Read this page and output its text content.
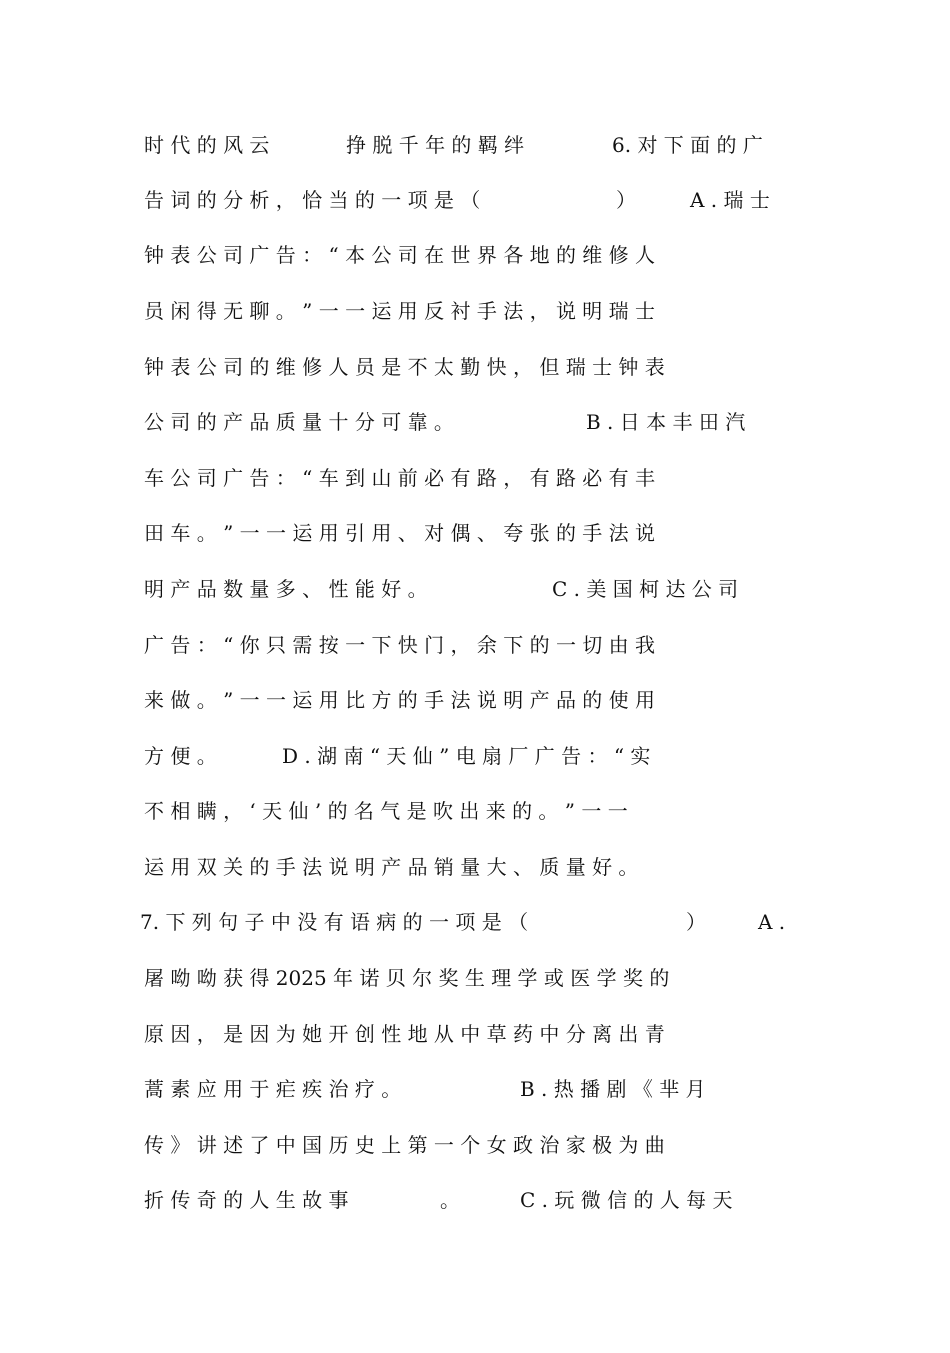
时 代 的 风 云

	挣 脱 千 年 的 羁 绊

	6. 对 下 面 的 广

告 词 的 分 析 ， 恰 当 的 一 项 是 （

	）

	A . 瑞 士

钟 表 公 司 广 告 ： “ 本 公 司 在 世 界 各 地 的 维 修 人

员 闲 得 无 聊 。 ” 一 一 运 用 反 衬 手 法 ， 说 明 瑞 士

钟 表 公 司 的 维 修 人 员 是 不 太 勤 快 ， 但 瑞 士 钟 表

公 司 的 产 品 质 量 十 分 可 靠 。

	B . 日 本 丰 田 汽

车 公 司 广 告 ： “ 车 到 山 前 必 有 路 ， 有 路 必 有 丰

田 车 。 ” 一 一 运 用 引 用 、 对 偶 、 夸 张 的 手 法 说

明 产 品 数 量 多 、 性 能 好 。

	C . 美 国 柯 达 公 司

广 告 ： “ 你 只 需 按 一 下 快 门 ， 余 下 的 一 切 由 我

来 做 。 ” 一 一 运 用 比 方 的 手 法 说 明 产 品 的 使 用

方 便 。

	D . 湖 南 “ 天 仙 ” 电 扇 厂 广 告 ： “ 实

不 相 瞒 ， ‘ 天 仙 ’ 的 名 气 是 吹 出 来 的 。 ” 一 一

运 用 双 关 的 手 法 说 明 产 品 销 量 大 、 质 量 好 。

7. 下 列 句 子 中 没 有 语 病 的 一 项 是 （

	）

	A .

屠 呦 呦 获 得 2025 年 诺 贝 尔 奖 生 理 学 或 医 学 奖 的

原 因 ， 是 因 为 她 开 创 性 地 从 中 草 药 中 分 离 出 青

蒿 素 应 用 于 疟 疾 治 疗 。

	B . 热 播 剧 《 芈 月

传 》 讲 述 了 中 国 历 史 上 第 一 个 女 政 治 家 极 为 曲

折 传 奇 的 人 生 故 事

	。

	C . 玩 微 信 的 人 每 天
